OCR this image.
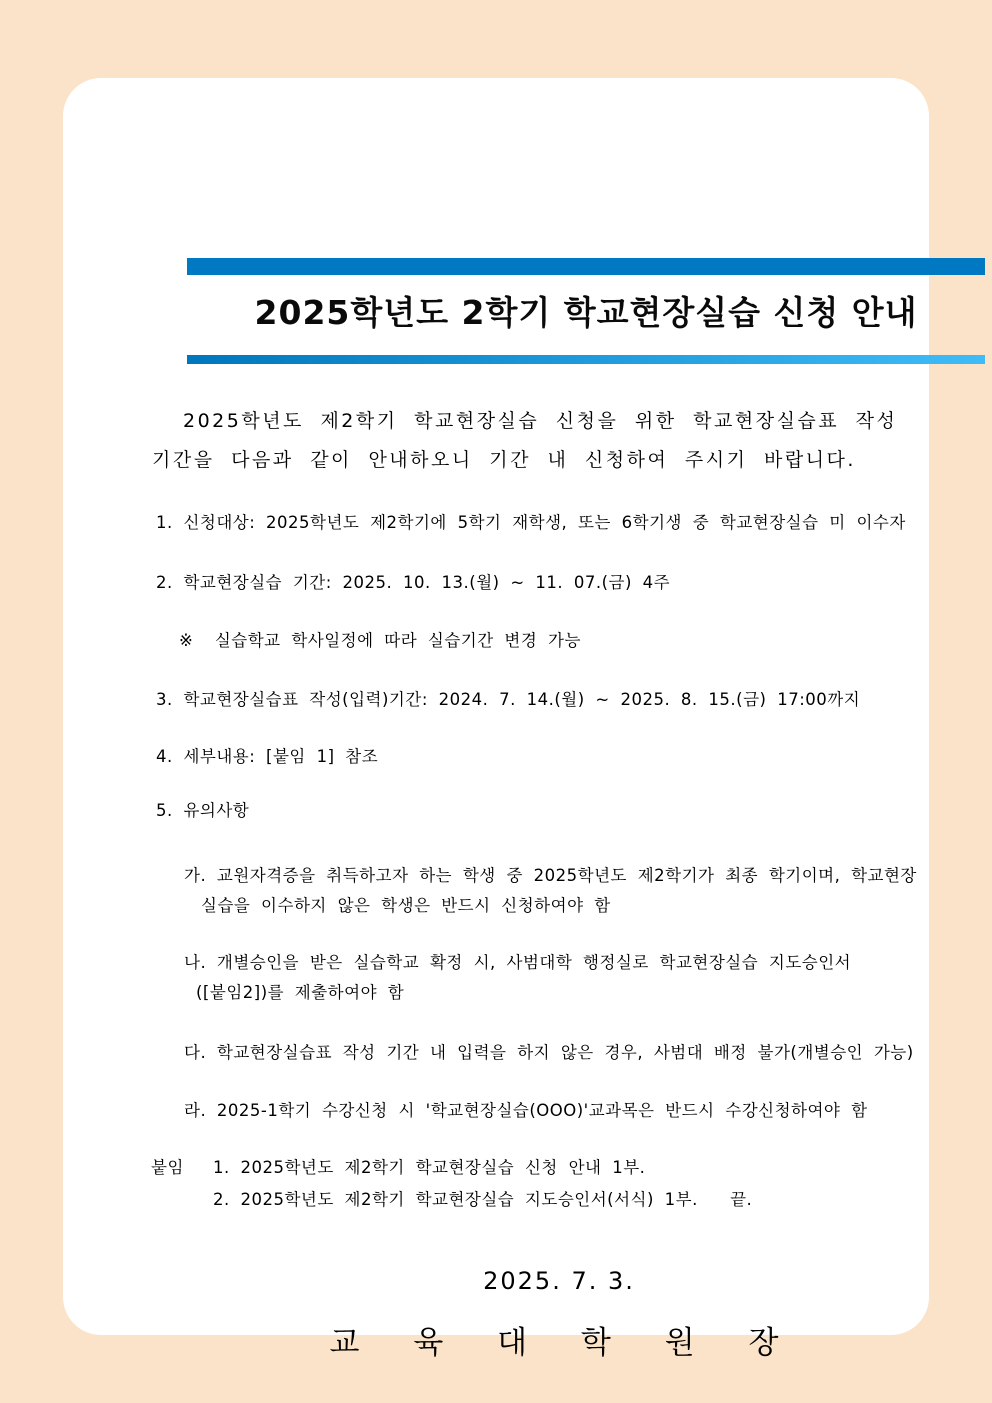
2025학년도 2학기 학교현장실습 신청 안내
2025학년도 제2학기 학교현장실습 신청을 위한 학교현장실습표 작성
기간을 다음과 같이 안내하오니 기간 내 신청하여 주시기 바랍니다.
1. 신청대상: 2025학년도 제2학기에 5학기 재학생, 또는 6학기생 중 학교현장실습 미 이수자
2. 학교현장실습 기간: 2025. 10. 13.(월) ~ 11. 07.(금) 4주
※  실습학교 학사일정에 따라 실습기간 변경 가능
3. 학교현장실습표 작성(입력)기간: 2024. 7. 14.(월) ~ 2025. 8. 15.(금) 17:00까지
4. 세부내용: [붙임 1] 참조
5. 유의사항
가. 교원자격증을 취득하고자 하는 학생 중 2025학년도 제2학기가 최종 학기이며, 학교현장
실습을 이수하지 않은 학생은 반드시 신청하여야 함
나. 개별승인을 받은 실습학교 확정 시, 사범대학 행정실로 학교현장실습 지도승인서
([붙임2])를 제출하여야 함
다. 학교현장실습표 작성 기간 내 입력을 하지 않은 경우, 사범대 배정 불가(개별승인 가능)
라. 2025-1학기 수강신청 시 '학교현장실습(OOO)'교과목은 반드시 수강신청하여야 함
붙임 1. 2025학년도 제2학기 학교현장실습 신청 안내 1부.
2. 2025학년도 제2학기 학교현장실습 지도승인서(서식) 1부.   끝.
2025. 7. 3.
교 육 대 학 원 장
